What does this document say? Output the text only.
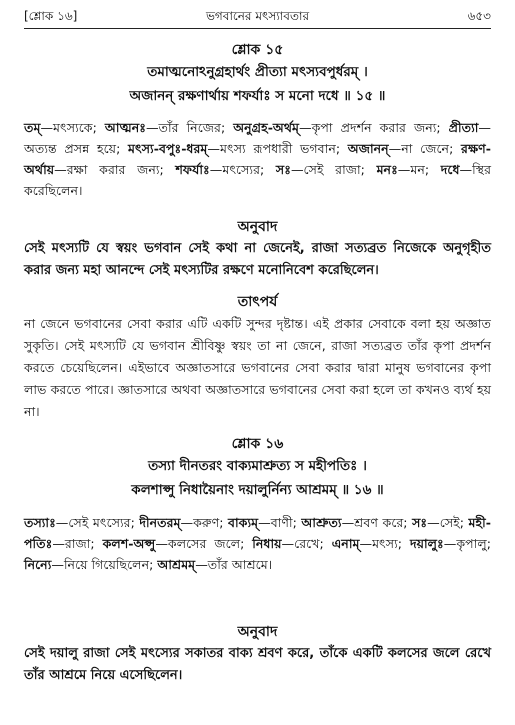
[শ্লোক ১৬]	ভগবানের মৎস্যাবতার	৬৫৩
শ্লোক ১৫
তমাত্মনোঽনুগ্রহার্থং প্রীত্যা মৎস্যবপুর্ধরম্‌ ।
অজানন্‌ রক্ষণার্থায় শফর্যাঃ স মনো দধে ॥ ১৫ ॥
তম্—মৎস্যকে; আত্মনঃ—তাঁর নিজের; অনুগ্রহ-অর্থম্—কৃপা প্রদর্শন করার জন্য; প্রীত্যা—অত্যন্ত প্রসন্ন হয়ে; মৎস্য-বপুঃ-ধরম্—মৎস্য রূপধারী ভগবান; অজানন্—না জেনে; রক্ষণ-অর্থায়—রক্ষা করার জন্য; শফর্যাঃ—মৎস্যের; সঃ—সেই রাজা; মনঃ—মন; দধে—স্থির করেছিলেন।
অনুবাদ
সেই মৎস্যটি যে স্বয়ং ভগবান সেই কথা না জেনেই, রাজা সত্যব্রত নিজেকে অনুগৃহীত করার জন্য মহা আনন্দে সেই মৎস্যটির রক্ষণে মনোনিবেশ করেছিলেন।
তাৎপর্য
না জেনে ভগবানের সেবা করার এটি একটি সুন্দর দৃষ্টান্ত। এই প্রকার সেবাকে বলা হয় অজ্ঞাত সুকৃতি। সেই মৎস্যটি যে ভগবান শ্রীবিষ্ণু স্বয়ং তা না জেনে, রাজা সত্যব্রত তাঁর কৃপা প্রদর্শন করতে চেয়েছিলেন। এইভাবে অজ্ঞাতসারে ভগবানের সেবা করার দ্বারা মানুষ ভগবানের কৃপা লাভ করতে পারে। জ্ঞাতসারে অথবা অজ্ঞাতসারে ভগবানের সেবা করা হলে তা কখনও ব্যর্থ হয় না।
শ্লোক ১৬
তস্যা দীনতরং বাক্যমাশ্রুত্য স মহীপতিঃ ।
কলশাপ্সু নিধায়ৈনাং দয়ালুর্নিন্য আশ্রমম্‌ ॥ ১৬ ॥
তস্যাঃ—সেই মৎস্যের; দীনতরম্—করুণ; বাক্যম্—বাণী; আশ্রুত্য—শ্রবণ করে; সঃ—সেই; মহী-পতিঃ—রাজা; কলশ-অপ্সু—কলসের জলে; নিধায়—রেখে; এনাম্—মৎস্য; দয়ালুঃ—কৃপালু; নিন্যে—নিয়ে গিয়েছিলেন; আশ্রমম্—তাঁর আশ্রমে।
অনুবাদ
সেই দয়ালু রাজা সেই মৎস্যের সকাতর বাক্য শ্রবণ করে, তাঁকে একটি কলসের জলে রেখে তাঁর আশ্রমে নিয়ে এসেছিলেন।
